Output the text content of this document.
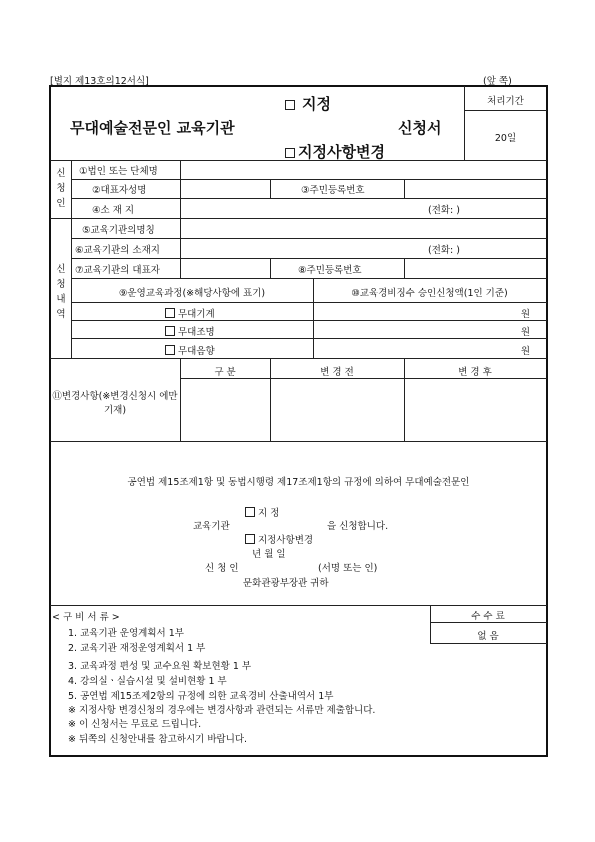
[별지 제13호의12서식]	(앞 쪽)
무대예술전문인 교육기관
지정
지정사항변경
신청서
처리기간
20일
신
청
인
①법인 또는 단체명
②대표자성명	③주민등록번호
④소 재 지	(전화: )
신
청
내
역
⑤교육기관의명칭
⑥교육기관의 소재지	(전화: )
⑦교육기관의 대표자	⑧주민등록번호
⑨운영교육과정(※해당사항에 표기)	⑩교육경비징수 승인신청액(1인 기준)
무대기계	원
무대조명	원
무대음향	원
구 분	변 경 전	변 경 후
⑪변경사항(※변경신청시 에만 기재)
공연법 제15조제1항 및 동법시행령 제17조제1항의 규정에 의하여 무대예술전문인
지 정
교육기관	을 신청합니다.
지정사항변경
년 월 일
신 청 인	(서명 또는 인)
문화관광부장관 귀하
수 수 료
없 음
< 구 비 서 류 >
1. 교육기관 운영계획서 1부
2. 교육기관 재정운영계획서 1 부
3. 교육과정 편성 및 교수요원 확보현황 1 부
4. 강의실ㆍ실습시설 및 설비현황 1 부
5. 공연법 제15조제2항의 규정에 의한 교육경비 산출내역서 1부
※ 지정사항 변경신청의 경우에는 변경사항과 관련되는 서류만 제출합니다.
※ 이 신청서는 무료로 드립니다.
※ 뒤쪽의 신청안내를 참고하시기 바랍니다.
